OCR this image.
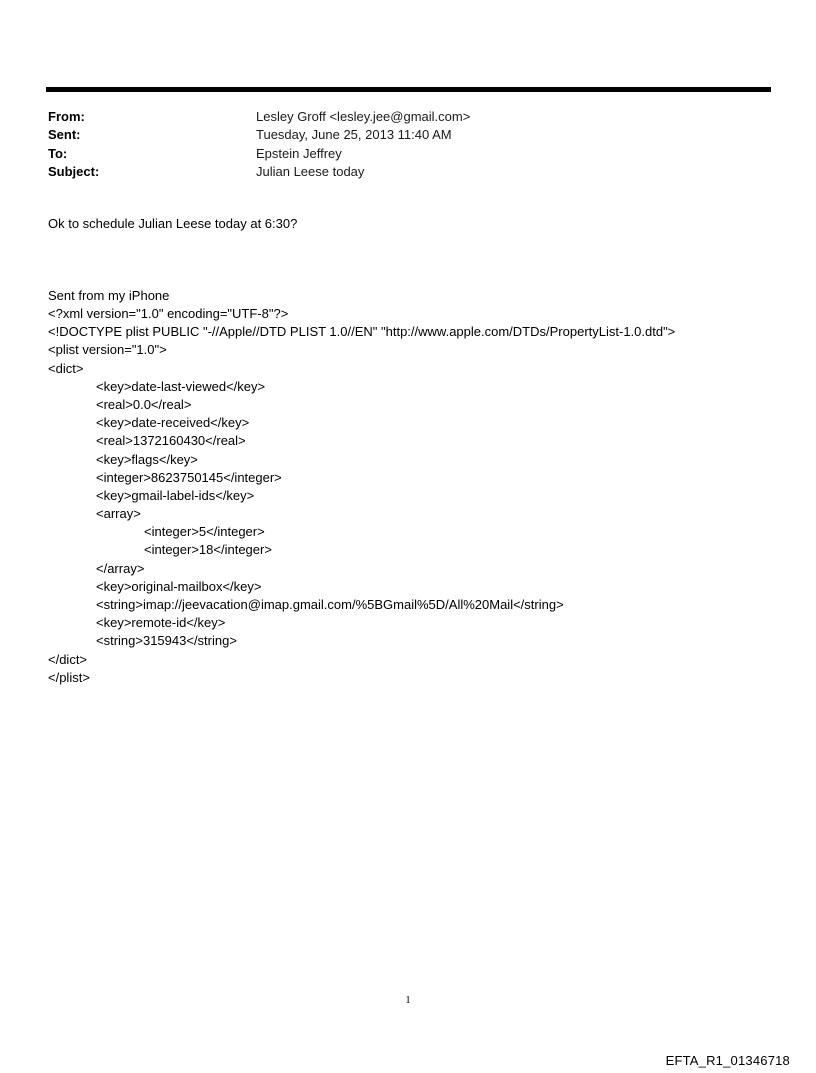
From:	Lesley Groff <lesley.jee@gmail.com>
Sent:	Tuesday, June 25, 2013 11:40 AM
To:	Epstein Jeffrey
Subject:	Julian Leese today
Ok to schedule Julian Leese today at 6:30?
Sent from my iPhone
<?xml version="1.0" encoding="UTF-8"?>
<!DOCTYPE plist PUBLIC "-//Apple//DTD PLIST 1.0//EN" "http://www.apple.com/DTDs/PropertyList-1.0.dtd">
<plist version="1.0">
<dict>
<key>date-last-viewed</key>
<real>0.0</real>
<key>date-received</key>
<real>1372160430</real>
<key>flags</key>
<integer>8623750145</integer>
<key>gmail-label-ids</key>
<array>
<integer>5</integer>
<integer>18</integer>
</array>
<key>original-mailbox</key>
<string>imap://jeevacation@imap.gmail.com/%5BGmail%5D/All%20Mail</string>
<key>remote-id</key>
<string>315943</string>
</dict>
</plist>
1
EFTA_R1_01346718
